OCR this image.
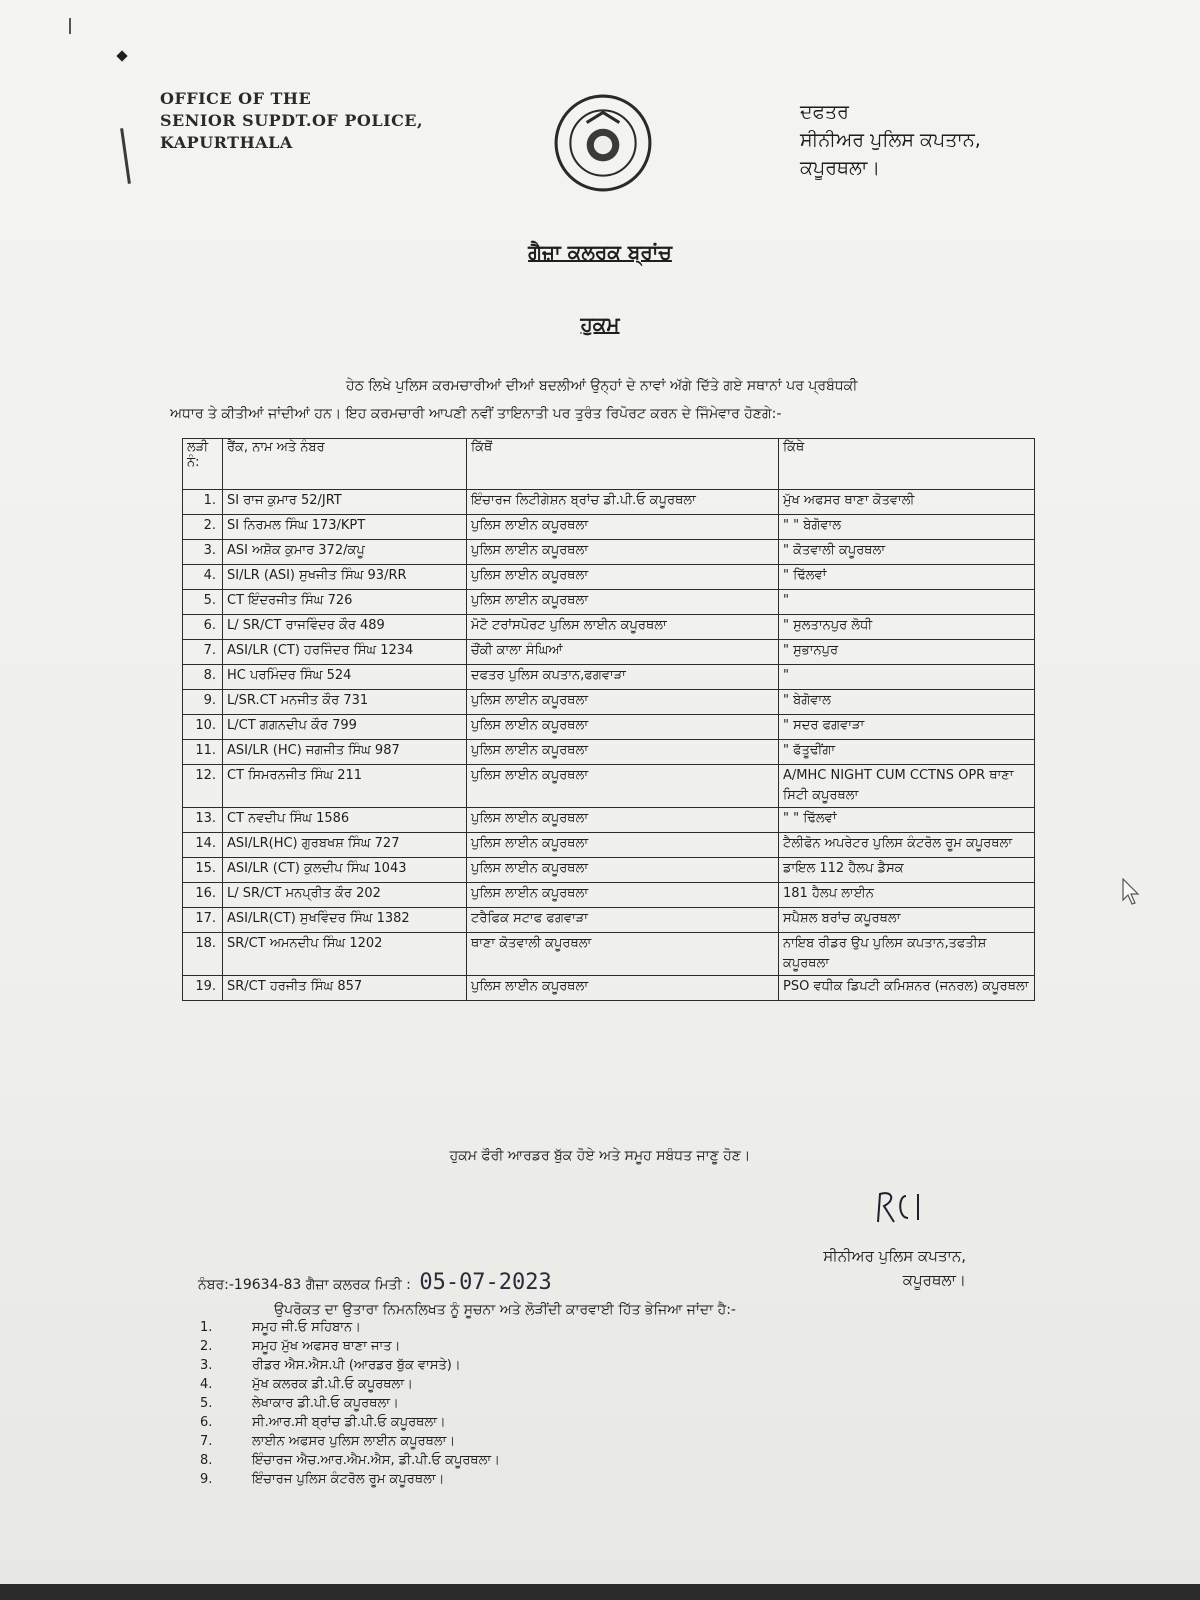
OFFICE OF THE
SENIOR SUPDT.OF POLICE,
KAPURTHALA
ਦਫਤਰ
ਸੀਨੀਅਰ ਪੁਲਿਸ ਕਪਤਾਨ,
ਕਪੂਰਥਲਾ।
ਗੈਜ਼ਾ ਕਲਰਕ ਬ੍ਰਾਂਚ
ਹੁਕਮ

ਹੇਠ ਲਿਖੇ ਪੁਲਿਸ ਕਰਮਚਾਰੀਆਂ ਦੀਆਂ ਬਦਲੀਆਂ ਉਨ੍ਹਾਂ ਦੇ ਨਾਵਾਂ ਅੱਗੇ ਦਿੱਤੇ ਗਏ ਸਥਾਨਾਂ ਪਰ ਪ੍ਰਬੰਧਕੀ

ਅਧਾਰ ਤੇ ਕੀਤੀਆਂ ਜਾਂਦੀਆਂ ਹਨ। ਇਹ ਕਰਮਚਾਰੀ ਆਪਣੀ ਨਵੀਂ ਤਾਇਨਾਤੀ ਪਰ ਤੁਰੰਤ ਰਿਪੋਰਟ ਕਰਨ ਦੇ ਜਿੰਮੇਵਾਰ ਹੋਣਗੇ:-

ਲੜੀ ਨੰ:	ਰੈਂਕ, ਨਾਮ ਅਤੇ ਨੰਬਰ	ਕਿੱਥੋਂ	ਕਿੱਥੇ
1.	SI ਰਾਜ ਕੁਮਾਰ 52/JRT	ਇੰਚਾਰਜ ਲਿਟੀਗੇਸ਼ਨ ਬ੍ਰਾਂਚ ਡੀ.ਪੀ.ਓ ਕਪੂਰਥਲਾ	ਮੁੱਖ ਅਫਸਰ ਥਾਣਾ ਕੋਤਵਾਲੀ
2.	SI ਨਿਰਮਲ ਸਿੰਘ 173/KPT	ਪੁਲਿਸ ਲਾਈਨ ਕਪੂਰਥਲਾ	" " ਬੇਗੋਵਾਲ
3.	ASI ਅਸ਼ੋਕ ਕੁਮਾਰ 372/ਕਪੂ	ਪੁਲਿਸ ਲਾਈਨ ਕਪੂਰਥਲਾ	" ਕੋਤਵਾਲੀ ਕਪੂਰਥਲਾ
4.	SI/LR (ASI) ਸੁਖਜੀਤ ਸਿੰਘ 93/RR	ਪੁਲਿਸ ਲਾਈਨ ਕਪੂਰਥਲਾ	" ਢਿੱਲਵਾਂ
5.	CT ਇੰਦਰਜੀਤ ਸਿੰਘ 726	ਪੁਲਿਸ ਲਾਈਨ ਕਪੂਰਥਲਾ	"
6.	L/ SR/CT ਰਾਜਵਿੰਦਰ ਕੌਰ 489	ਮੋਟੋ ਟਰਾਂਸਪੋਰਟ ਪੁਲਿਸ ਲਾਈਨ ਕਪੂਰਥਲਾ	" ਸੁਲਤਾਨਪੁਰ ਲੋਧੀ
7.	ASI/LR (CT) ਹਰਜਿੰਦਰ ਸਿੰਘ 1234	ਚੌਂਕੀ ਕਾਲਾ ਸੰਘਿਆਂ	" ਸੁਭਾਨਪੁਰ
8.	HC ਪਰਮਿੰਦਰ ਸਿੰਘ 524	ਦਫਤਰ ਪੁਲਿਸ ਕਪਤਾਨ,ਫਗਵਾੜਾ	"
9.	L/SR.CT ਮਨਜੀਤ ਕੌਰ 731	ਪੁਲਿਸ ਲਾਈਨ ਕਪੂਰਥਲਾ	" ਬੇਗੋਵਾਲ
10.	L/CT ਗਗਨਦੀਪ ਕੌਰ 799	ਪੁਲਿਸ ਲਾਈਨ ਕਪੂਰਥਲਾ	" ਸਦਰ ਫਗਵਾੜਾ
11.	ASI/LR (HC) ਜਗਜੀਤ ਸਿੰਘ 987	ਪੁਲਿਸ ਲਾਈਨ ਕਪੂਰਥਲਾ	" ਫੱਤੂਢੀਂਗਾ
12.	CT ਸਿਮਰਨਜੀਤ ਸਿੰਘ 211	ਪੁਲਿਸ ਲਾਈਨ ਕਪੂਰਥਲਾ	A/MHC NIGHT CUM CCTNS OPR ਥਾਣਾ ਸਿਟੀ ਕਪੂਰਥਲਾ
13.	CT ਨਵਦੀਪ ਸਿੰਘ 1586	ਪੁਲਿਸ ਲਾਈਨ ਕਪੂਰਥਲਾ	" " ਢਿੱਲਵਾਂ
14.	ASI/LR(HC) ਗੁਰਬਖਸ਼ ਸਿੰਘ 727	ਪੁਲਿਸ ਲਾਈਨ ਕਪੂਰਥਲਾ	ਟੈਲੀਫੋਨ ਅਪਰੇਟਰ ਪੁਲਿਸ ਕੰਟਰੋਲ ਰੂਮ ਕਪੂਰਥਲਾ
15.	ASI/LR (CT) ਕੁਲਦੀਪ ਸਿੰਘ 1043	ਪੁਲਿਸ ਲਾਈਨ ਕਪੂਰਥਲਾ	ਡਾਇਲ 112 ਹੈਲਪ ਡੈਸਕ
16.	L/ SR/CT ਮਨਪ੍ਰੀਤ ਕੌਰ 202	ਪੁਲਿਸ ਲਾਈਨ ਕਪੂਰਥਲਾ	181 ਹੈਲਪ ਲਾਈਨ
17.	ASI/LR(CT) ਸੁਖਵਿੰਦਰ ਸਿੰਘ 1382	ਟਰੈਫਿਕ ਸਟਾਫ ਫਗਵਾੜਾ	ਸਪੈਸ਼ਲ ਬਰਾਂਚ ਕਪੂਰਥਲਾ
18.	SR/CT ਅਮਨਦੀਪ ਸਿੰਘ 1202	ਥਾਣਾ ਕੋਤਵਾਲੀ ਕਪੂਰਥਲਾ	ਨਾਇਬ ਰੀਡਰ ਉਪ ਪੁਲਿਸ ਕਪਤਾਨ,ਤਫਤੀਸ਼ ਕਪੂਰਥਲਾ
19.	SR/CT ਹਰਜੀਤ ਸਿੰਘ 857	ਪੁਲਿਸ ਲਾਈਨ ਕਪੂਰਥਲਾ	PSO ਵਧੀਕ ਡਿਪਟੀ ਕਮਿਸ਼ਨਰ (ਜਨਰਲ) ਕਪੂਰਥਲਾ
ਹੁਕਮ ਫੌਰੀ ਆਰਡਰ ਬੁੱਕ ਹੋਏ ਅਤੇ ਸਮੂਹ ਸਬੰਧਤ ਜਾਣੂ ਹੋਣ।
ਸੀਨੀਅਰ ਪੁਲਿਸ ਕਪਤਾਨ,
ਕਪੂਰਥਲਾ।
ਨੰਬਰ:-19634-83 ਗੈਜ਼ਾ ਕਲਰਕ ਮਿਤੀ : 05-07-2023
ਉਪਰੋਕਤ ਦਾ ਉਤਾਰਾ ਨਿਮਨਲਿਖਤ ਨੂੰ ਸੂਚਨਾ ਅਤੇ ਲੋੜੀਂਦੀ ਕਾਰਵਾਈ ਹਿੱਤ ਭੇਜਿਆ ਜਾਂਦਾ ਹੈ:-
1.	ਸਮੂਹ ਜੀ.ਓ ਸਹਿਬਾਨ।
2.	ਸਮੂਹ ਮੁੱਖ ਅਫਸਰ ਥਾਣਾ ਜਾਤ।
3.	ਰੀਡਰ ਐਸ.ਐਸ.ਪੀ (ਆਰਡਰ ਬੁੱਕ ਵਾਸਤੇ)।
4.	ਮੁੱਖ ਕਲਰਕ ਡੀ.ਪੀ.ਓ ਕਪੂਰਥਲਾ।
5.	ਲੇਖਾਕਾਰ ਡੀ.ਪੀ.ਓ ਕਪੂਰਥਲਾ।
6.	ਸੀ.ਆਰ.ਸੀ ਬ੍ਰਾਂਚ ਡੀ.ਪੀ.ਓ ਕਪੂਰਥਲਾ।
7.	ਲਾਈਨ ਅਫਸਰ ਪੁਲਿਸ ਲਾਈਨ ਕਪੂਰਥਲਾ।
8.	ਇੰਚਾਰਜ ਐਚ.ਆਰ.ਐਮ.ਐਸ, ਡੀ.ਪੀ.ਓ ਕਪੂਰਥਲਾ।
9.	ਇੰਚਾਰਜ ਪੁਲਿਸ ਕੰਟਰੋਲ ਰੂਮ ਕਪੂਰਥਲਾ।
